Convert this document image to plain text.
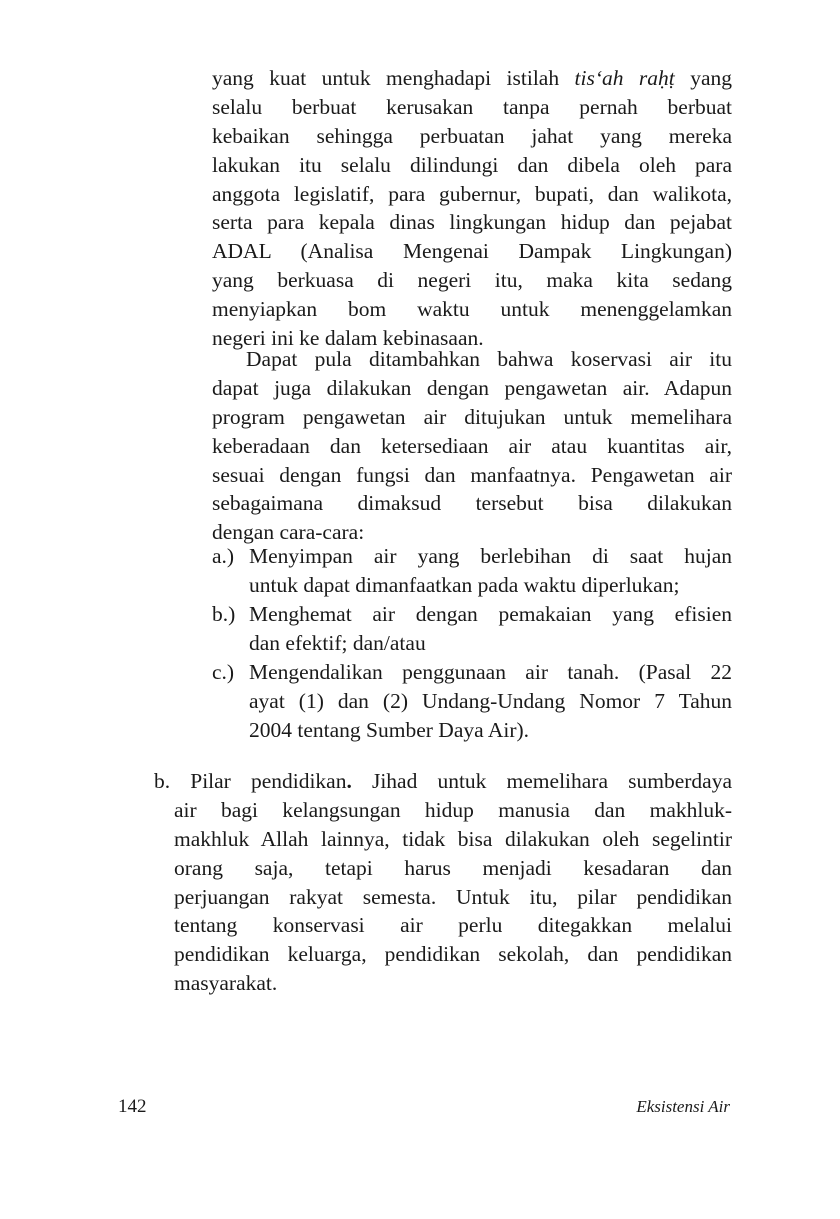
yang kuat untuk menghadapi istilah tisʻah raḥṭ yang
selalu berbuat kerusakan tanpa pernah berbuat
kebaikan sehingga perbuatan jahat yang mereka
lakukan itu selalu dilindungi dan dibela oleh para
anggota legislatif, para gubernur, bupati, dan walikota,
serta para kepala dinas lingkungan hidup dan pejabat
ADAL (Analisa Mengenai Dampak Lingkungan)
yang berkuasa di negeri itu, maka kita sedang
menyiapkan bom waktu untuk menenggelamkan
negeri ini ke dalam kebinasaan.
Dapat pula ditambahkan bahwa koservasi air itu
dapat juga dilakukan dengan pengawetan air. Adapun
program pengawetan air ditujukan untuk memelihara
keberadaan dan ketersediaan air atau kuantitas air,
sesuai dengan fungsi dan manfaatnya. Pengawetan air
sebagaimana dimaksud tersebut bisa dilakukan
dengan cara-cara:
a.) Menyimpan air yang berlebihan di saat hujan
untuk dapat dimanfaatkan pada waktu diperlukan;
b.) Menghemat air dengan pemakaian yang efisien
dan efektif; dan/atau
c.) Mengendalikan penggunaan air tanah. (Pasal 22
ayat (1) dan (2) Undang-Undang Nomor 7 Tahun
2004 tentang Sumber Daya Air).
b. Pilar pendidikan. Jihad untuk memelihara sumberdaya
air bagi kelangsungan hidup manusia dan makhluk-
makhluk Allah lainnya, tidak bisa dilakukan oleh segelintir
orang saja, tetapi harus menjadi kesadaran dan
perjuangan rakyat semesta. Untuk itu, pilar pendidikan
tentang konservasi air perlu ditegakkan melalui
pendidikan keluarga, pendidikan sekolah, dan pendidikan
masyarakat.
142	Eksistensi Air
